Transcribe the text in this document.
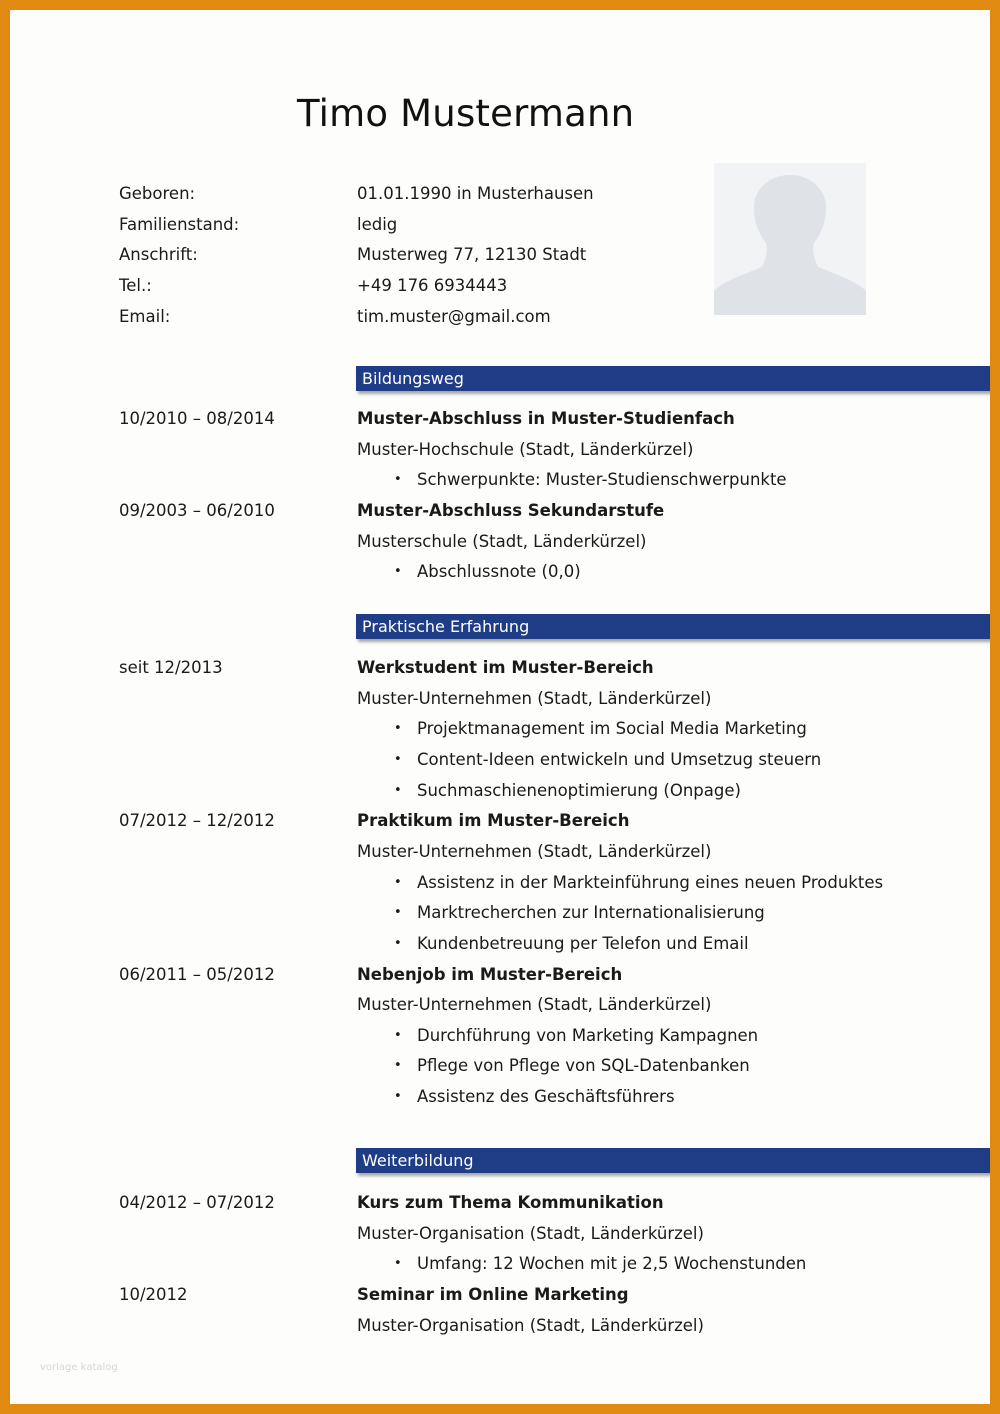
Timo Mustermann
Geboren:	01.01.1990 in Musterhausen
Familienstand:	ledig
Anschrift:	Musterweg 77, 12130 Stadt
Tel.:	+49 176 6934443
Email:	tim.muster@gmail.com
Bildungsweg
10/2010 – 08/2014	Muster-Abschluss in Muster-Studienfach
Muster-Hochschule (Stadt, Länderkürzel)
• Schwerpunkte: Muster-Studienschwerpunkte
09/2003 – 06/2010	Muster-Abschluss Sekundarstufe
Musterschule (Stadt, Länderkürzel)
• Abschlussnote (0,0)
Praktische Erfahrung
seit 12/2013	Werkstudent im Muster-Bereich
Muster-Unternehmen (Stadt, Länderkürzel)
• Projektmanagement im Social Media Marketing
• Content-Ideen entwickeln und Umsetzug steuern
• Suchmaschienenoptimierung (Onpage)
07/2012 – 12/2012	Praktikum im Muster-Bereich
Muster-Unternehmen (Stadt, Länderkürzel)
• Assistenz in der Markteinführung eines neuen Produktes
• Marktrecherchen zur Internationalisierung
• Kundenbetreuung per Telefon und Email
06/2011 – 05/2012	Nebenjob im Muster-Bereich
Muster-Unternehmen (Stadt, Länderkürzel)
• Durchführung von Marketing Kampagnen
• Pflege von Pflege von SQL-Datenbanken
• Assistenz des Geschäftsführers
Weiterbildung
04/2012 – 07/2012	Kurs zum Thema Kommunikation
Muster-Organisation (Stadt, Länderkürzel)
• Umfang: 12 Wochen mit je 2,5 Wochenstunden
10/2012	Seminar im Online Marketing
Muster-Organisation (Stadt, Länderkürzel)
vorlage katalog
